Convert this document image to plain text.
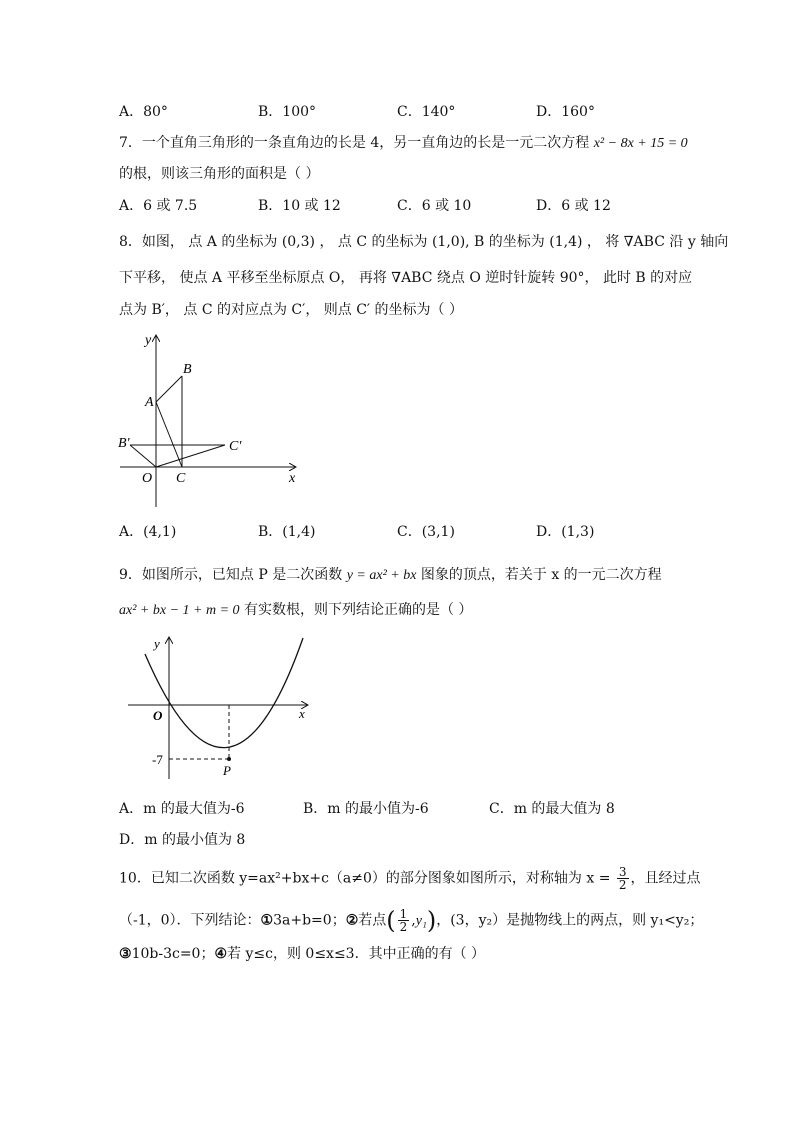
A．80°	B．100°	C．140°	D．160°
7．一个直角三角形的一条直角边的长是 4，另一直角边的长是一元二次方程 x² − 8x + 15 = 0
的根，则该三角形的面积是（ ）
A．6 或 7.5	B．10 或 12	C．6 或 10	D．6 或 12
8．如图， 点 A 的坐标为 (0,3) ， 点 C 的坐标为 (1,0), B 的坐标为 (1,4) ， 将 ∇ABC 沿 y 轴向
下平移， 使点 A 平移至坐标原点 O， 再将 ∇ABC 绕点 O 逆时针旋转 90°， 此时 B 的对应
点为 B′， 点 C 的对应点为 C′， 则点 C′ 的坐标为（ ）
y
x
B
A
B′	C′
O C
A．(4,1)	B．(1,4)	C．(3,1)	D．(1,3)
9．如图所示，已知点 P 是二次函数 y = ax² + bx 图象的顶点，若关于 x 的一元二次方程
ax² + bx − 1 + m = 0 有实数根，则下列结论正确的是（ ）
y
x
O
-7
P
A．m 的最大值为-6	B．m 的最小值为-6	C．m 的最大值为 8
D．m 的最小值为 8
10．已知二次函数 y=ax²+bx+c（a≠0）的部分图象如图所示，对称轴为 $x = \frac{3}{2}$ ，且经过点
（-1，0）．下列结论：①3a+b=0；②若点( $\frac{1}{2} ,y_1$)，(3，y₂）是抛物线上的两点，则 y₁<y₂；
③10b-3c=0；④若 y≤c，则 0≤x≤3．其中正确的有（ ）
